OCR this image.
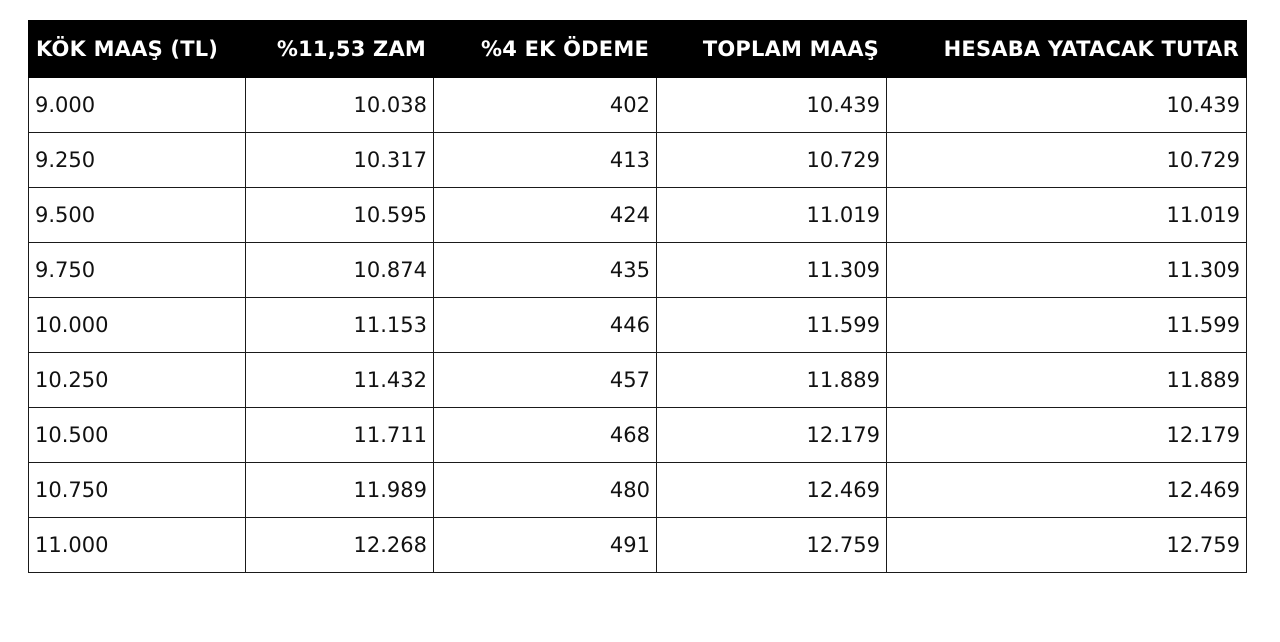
KÖK MAAŞ (TL)	%11,53 ZAM	%4 EK ÖDEME	TOPLAM MAAŞ	HESABA YATACAK TUTAR
9.000	10.038	402	10.439	10.439
9.250	10.317	413	10.729	10.729
9.500	10.595	424	11.019	11.019
9.750	10.874	435	11.309	11.309
10.000	11.153	446	11.599	11.599
10.250	11.432	457	11.889	11.889
10.500	11.711	468	12.179	12.179
10.750	11.989	480	12.469	12.469
11.000	12.268	491	12.759	12.759
